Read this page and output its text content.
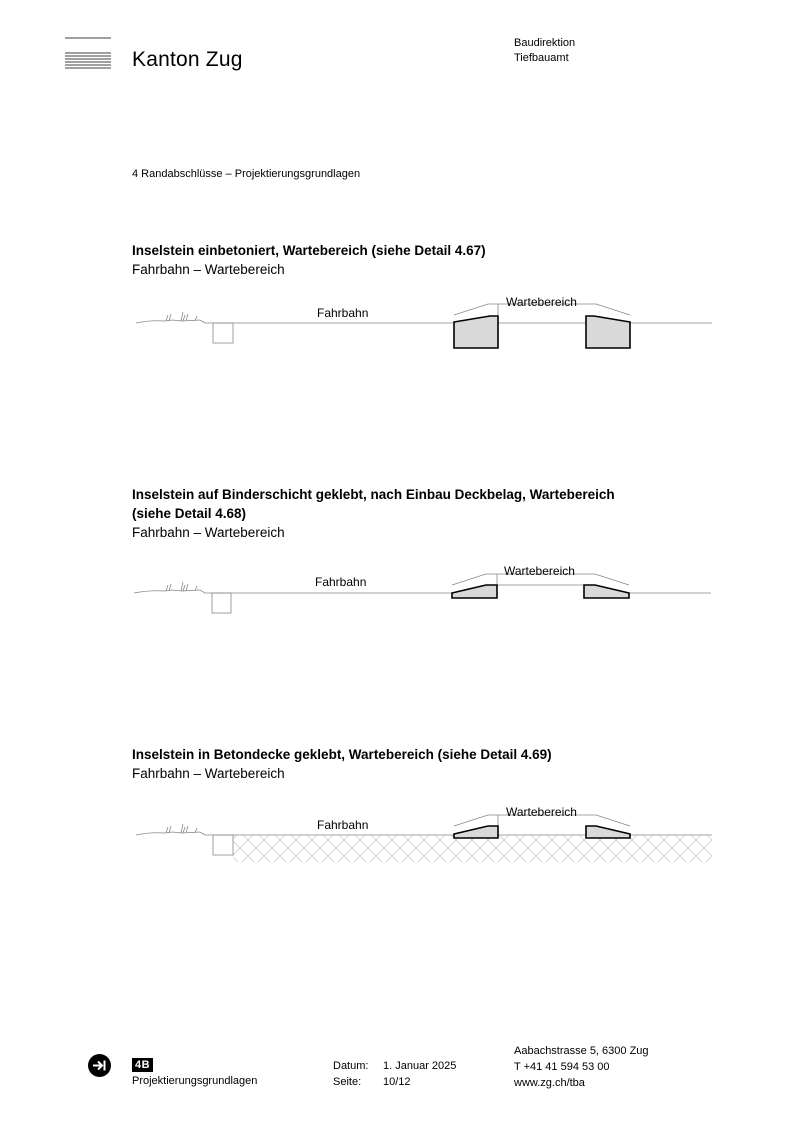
Kanton Zug
Baudirektion
Tiefbauamt
4 Randabschlüsse – Projektierungsgrundlagen
Inselstein einbetoniert, Wartebereich (siehe Detail 4.67)
Fahrbahn – Wartebereich
Fahrbahn
Wartebereich
Inselstein auf Binderschicht geklebt, nach Einbau Deckbelag, Wartebereich
(siehe Detail 4.68)
Fahrbahn – Wartebereich
Fahrbahn
Wartebereich
Inselstein in Betondecke geklebt, Wartebereich (siehe Detail 4.69)
Fahrbahn – Wartebereich
Fahrbahn
Wartebereich
4B
Projektierungsgrundlagen
Datum: 1. Januar 2025
Seite: 10/12
Aabachstrasse 5, 6300 Zug
T +41 41 594 53 00
www.zg.ch/tba
